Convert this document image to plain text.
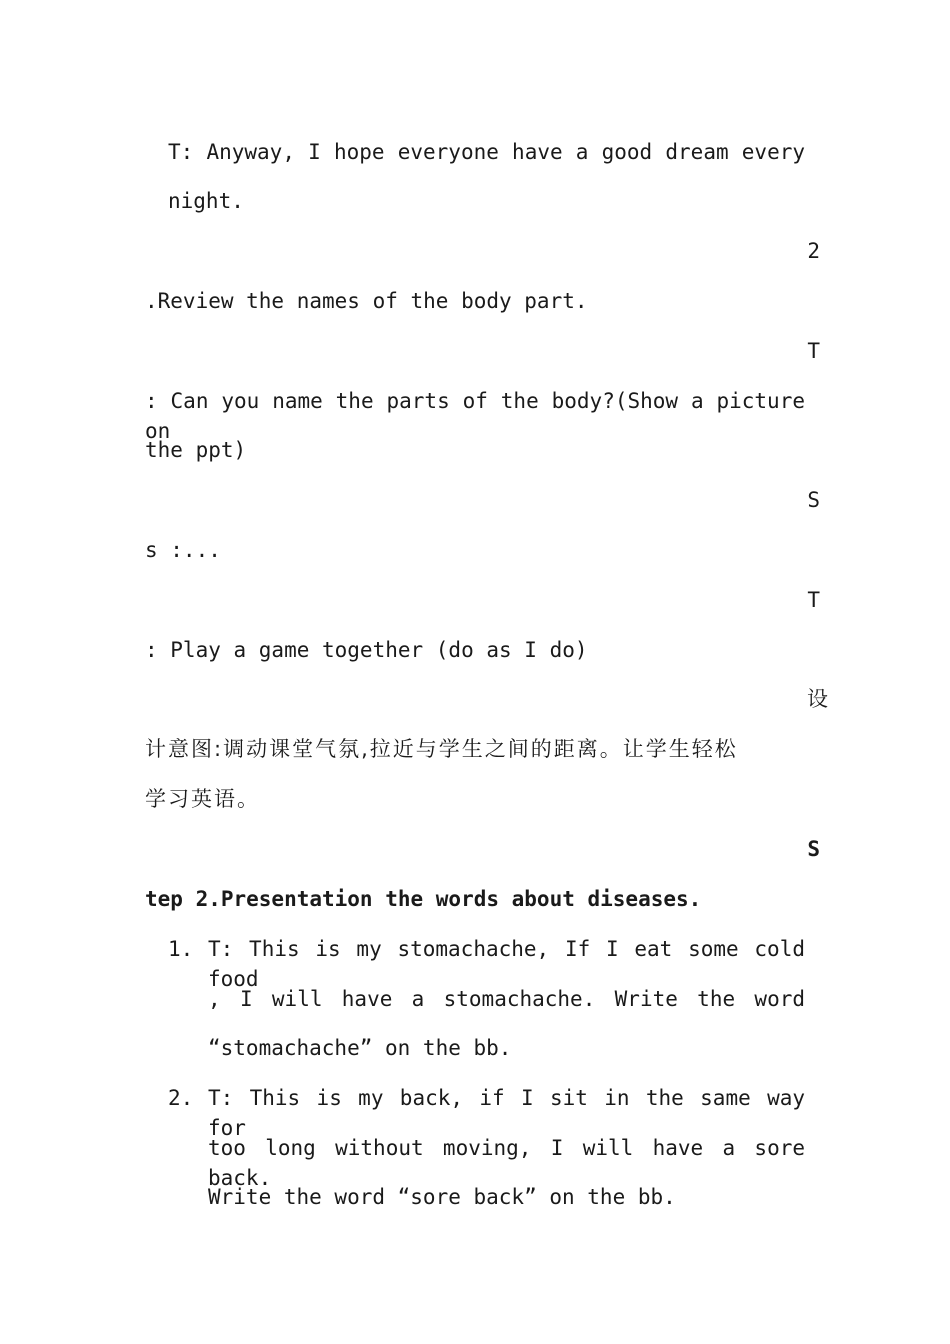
T: Anyway, I hope everyone have a good dream every
night.
2
.Review the names of the body part.
T
: Can you name the parts of the body?(Show a picture on
the ppt)
S
s :...
T
: Play a game together (do as I do)
设
计意图:调动课堂气氛,拉近与学生之间的距离。让学生轻松
学习英语。
S
tep 2.Presentation the words about diseases.
1. T: This is my stomachache, If I eat some cold food
, I will have a stomachache. Write the word
“stomachache” on the bb.
2. T: This is my back, if I sit in the same way for
too long without moving, I will have a sore back.
Write the word “sore back” on the bb.
